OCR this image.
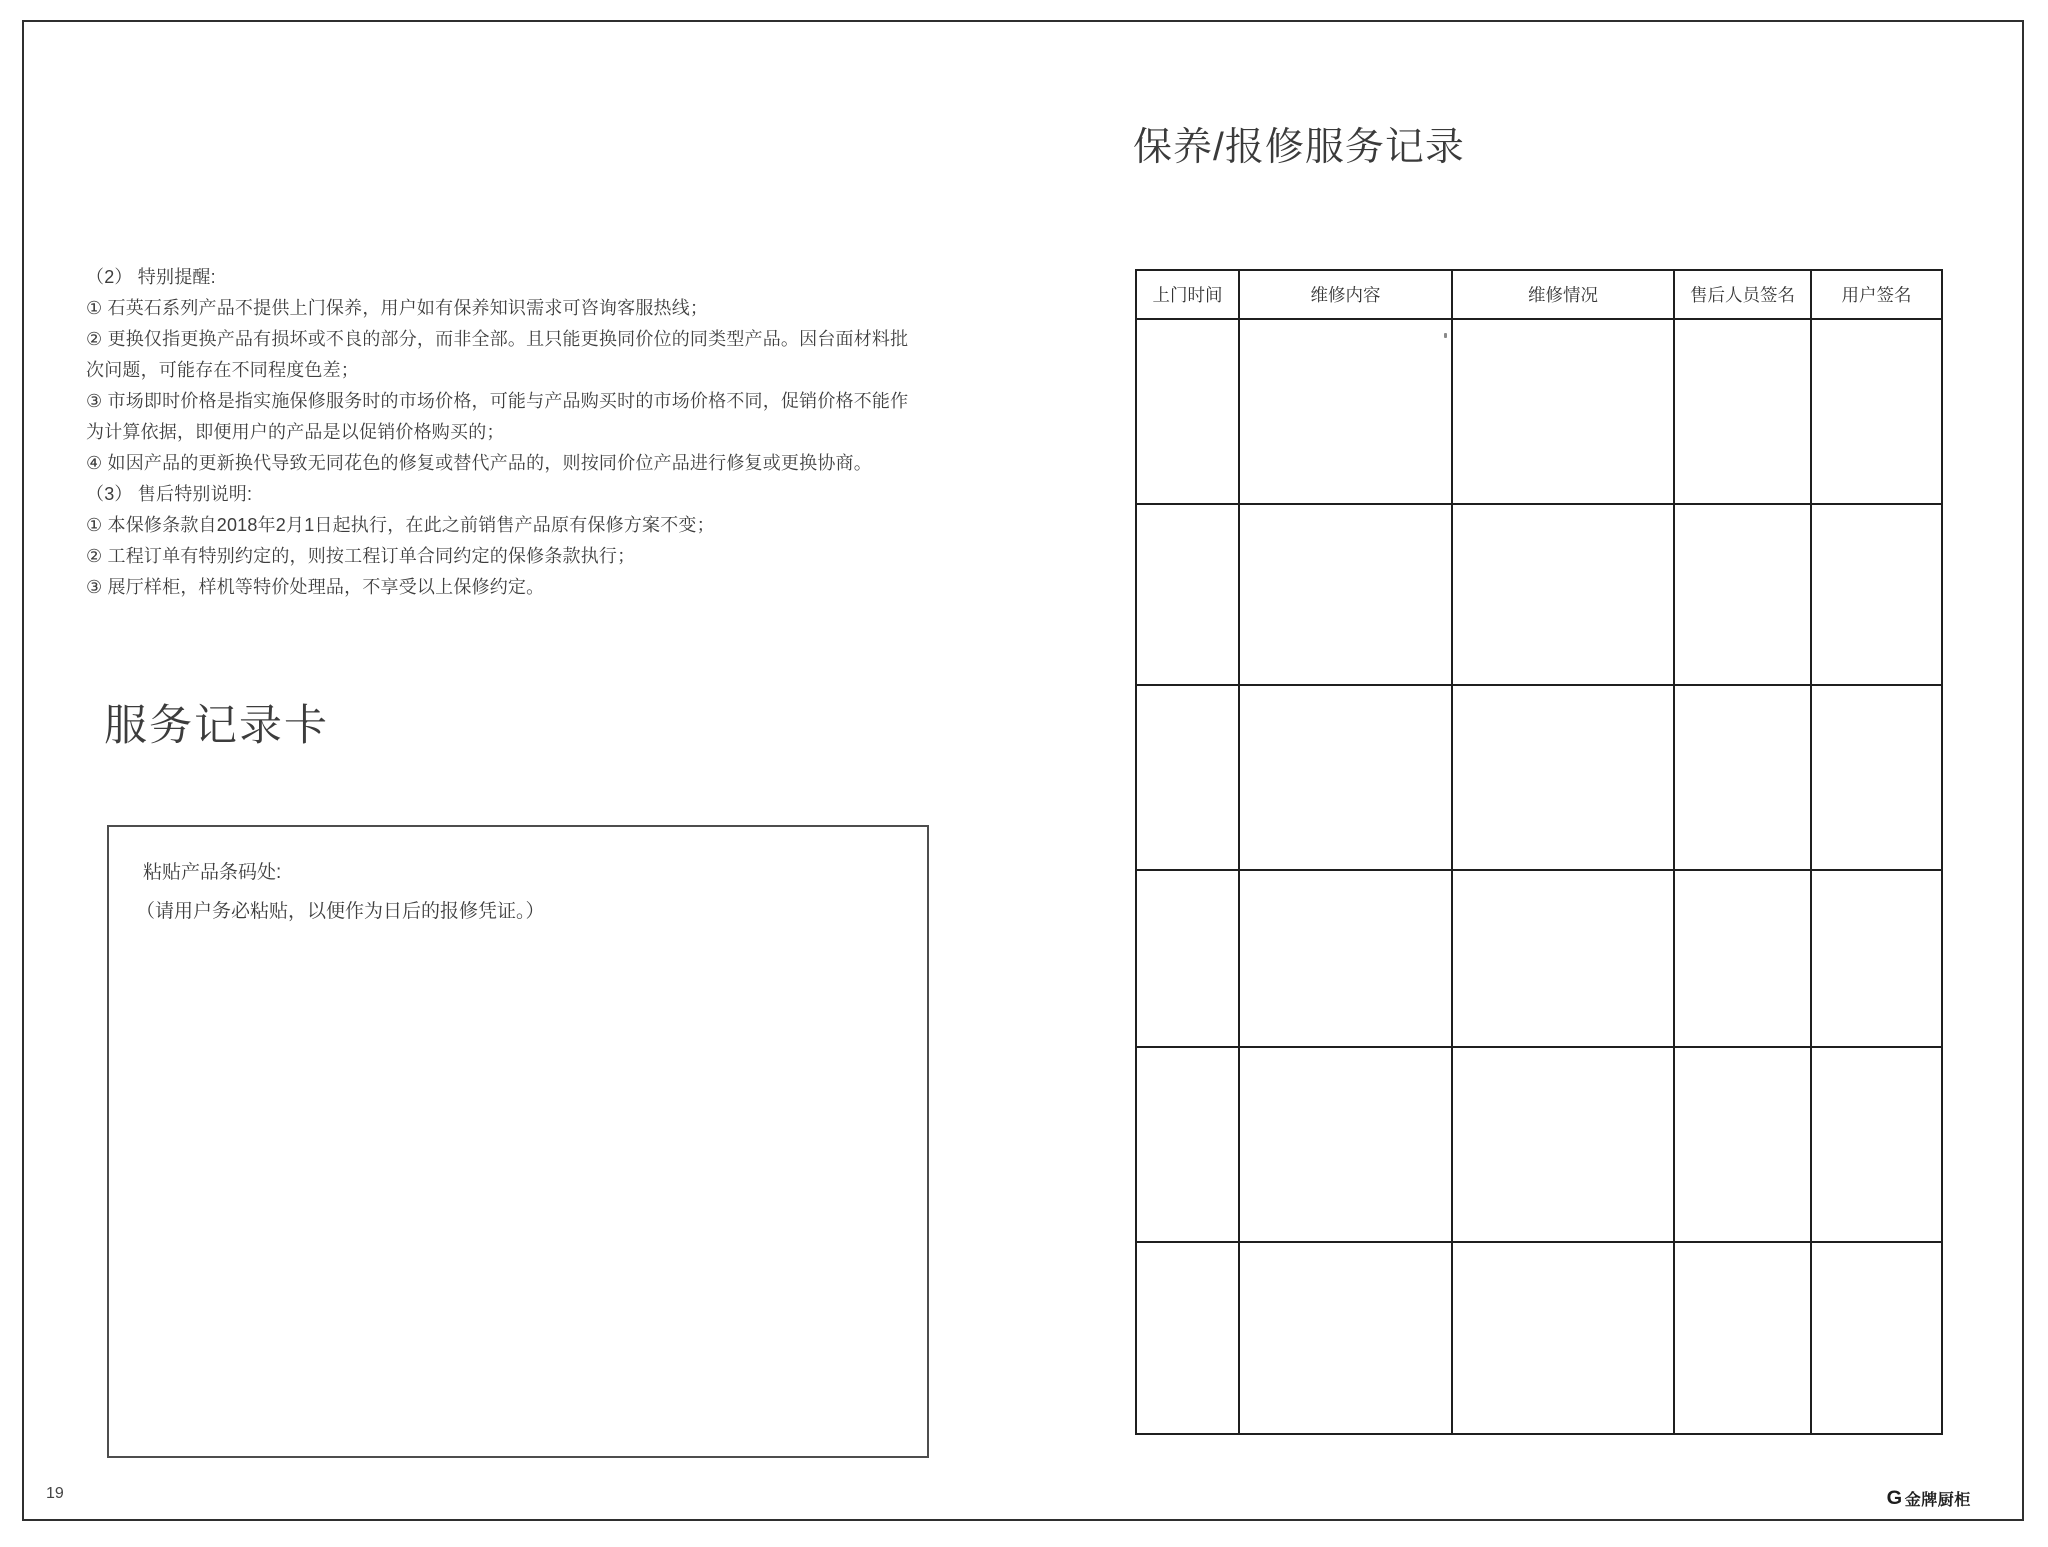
（2） 特别提醒:
① 石英石系列产品不提供上门保养，用户如有保养知识需求可咨询客服热线；
② 更换仅指更换产品有损坏或不良的部分，而非全部。且只能更换同价位的同类型产品。因台面材料批
次问题，可能存在不同程度色差；
③ 市场即时价格是指实施保修服务时的市场价格，可能与产品购买时的市场价格不同，促销价格不能作
为计算依据，即便用户的产品是以促销价格购买的；
④ 如因产品的更新换代导致无同花色的修复或替代产品的，则按同价位产品进行修复或更换协商。
（3） 售后特别说明:
① 本保修条款自2018年2月1日起执行，在此之前销售产品原有保修方案不变；
② 工程订单有特别约定的，则按工程订单合同约定的保修条款执行；
③ 展厅样柜，样机等特价处理品，不享受以上保修约定。
服务记录卡
粘贴产品条码处:
（请用户务必粘贴，以便作为日后的报修凭证。）
保养/报修服务记录
上门时间	维修内容	维修情况	售后人员签名	用户签名

19	G 金牌厨柜
